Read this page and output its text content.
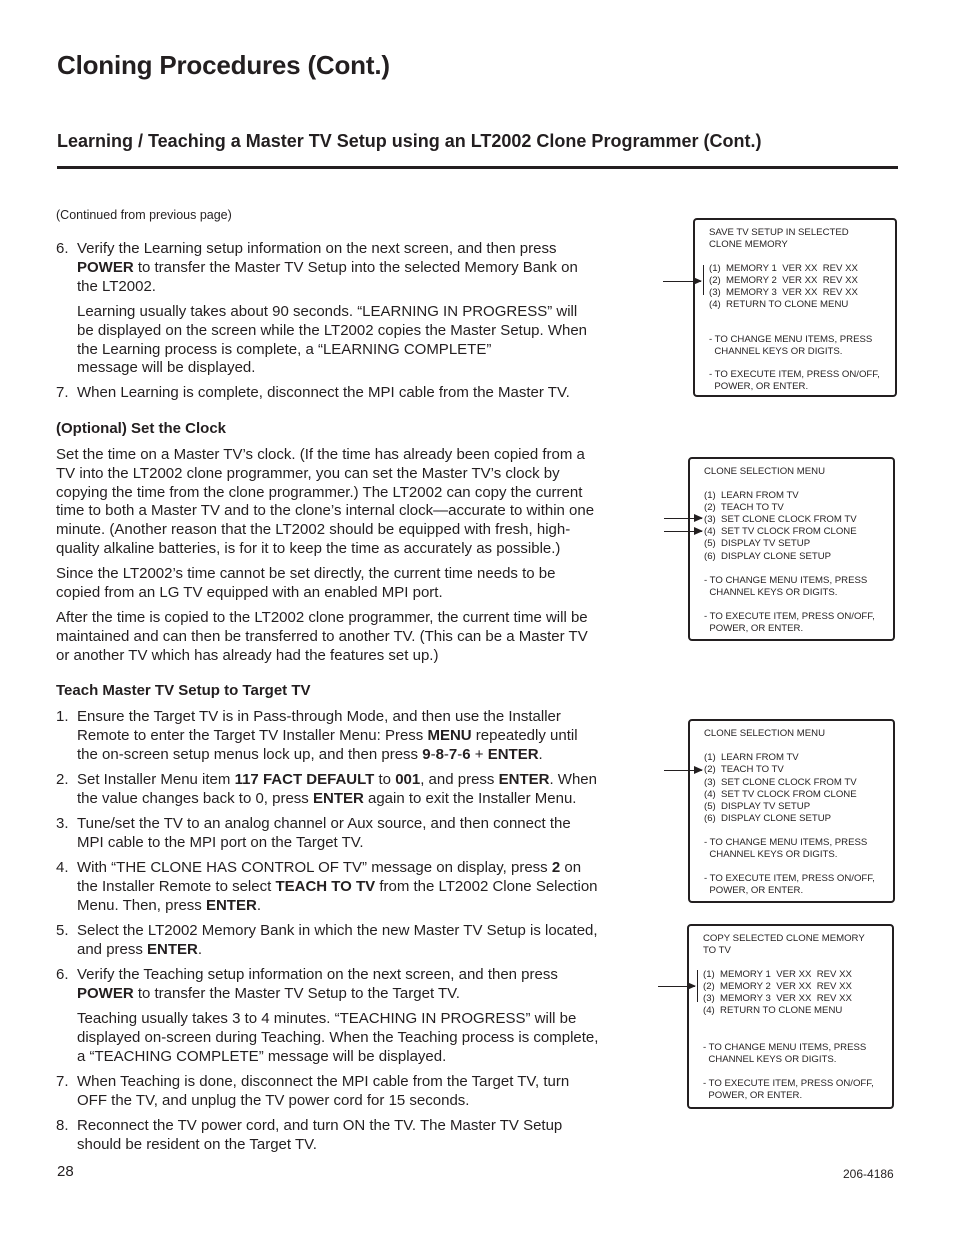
Cloning Procedures (Cont.)
Learning / Teaching a Master TV Setup using an LT2002 Clone Programmer (Cont.)
(Continued from previous page)
6. Verify the Learning setup information on the next screen, and then press
POWER to transfer the Master TV Setup into the selected Memory Bank on
the LT2002.
Learning usually takes about 90 seconds. “LEARNING IN PROGRESS” will
be displayed on the screen while the LT2002 copies the Master Setup. When
the Learning process is complete, a “LEARNING COMPLETE”
message will be displayed.
7. When Learning is complete, disconnect the MPI cable from the Master TV.
(Optional) Set the Clock
Set the time on a Master TV’s clock. (If the time has already been copied from a
TV into the LT2002 clone programmer, you can set the Master TV’s clock by
copying the time from the clone programmer.) The LT2002 can copy the current
time to both a Master TV and to the clone’s internal clock—accurate to within one
minute. (Another reason that the LT2002 should be equipped with fresh, high-
quality alkaline batteries, is for it to keep the time as accurately as possible.)
Since the LT2002’s time cannot be set directly, the current time needs to be
copied from an LG TV equipped with an enabled MPI port.
After the time is copied to the LT2002 clone programmer, the current time will be
maintained and can then be transferred to another TV. (This can be a Master TV
or another TV which has already had the features set up.)
Teach Master TV Setup to Target TV
1. Ensure the Target TV is in Pass-through Mode, and then use the Installer
Remote to enter the Target TV Installer Menu: Press MENU repeatedly until
the on-screen setup menus lock up, and then press 9-8-7-6 + ENTER.
2. Set Installer Menu item 117 FACT DEFAULT to 001, and press ENTER. When
the value changes back to 0, press ENTER again to exit the Installer Menu.
3. Tune/set the TV to an analog channel or Aux source, and then connect the
MPI cable to the MPI port on the Target TV.
4. With “THE CLONE HAS CONTROL OF TV” message on display, press 2 on
the Installer Remote to select TEACH TO TV from the LT2002 Clone Selection
Menu. Then, press ENTER.
5. Select the LT2002 Memory Bank in which the new Master TV Setup is located,
and press ENTER.
6. Verify the Teaching setup information on the next screen, and then press
POWER to transfer the Master TV Setup to the Target TV.
Teaching usually takes 3 to 4 minutes. “TEACHING IN PROGRESS” will be
displayed on-screen during Teaching. When the Teaching process is complete,
a “TEACHING COMPLETE” message will be displayed.
7. When Teaching is done, disconnect the MPI cable from the Target TV, turn
OFF the TV, and unplug the TV power cord for 15 seconds.
8. Reconnect the TV power cord, and turn ON the TV. The Master TV Setup
should be resident on the Target TV.
SAVE TV SETUP IN SELECTED
CLONE MEMORY
(1)  MEMORY 1  VER XX  REV XX
(2)  MEMORY 2  VER XX  REV XX
(3)  MEMORY 3  VER XX  REV XX
(4)  RETURN TO CLONE MENU
- TO CHANGE MENU ITEMS, PRESS
CHANNEL KEYS OR DIGITS.
- TO EXECUTE ITEM, PRESS ON/OFF,
POWER, OR ENTER.
CLONE SELECTION MENU
(1)  LEARN FROM TV
(2)  TEACH TO TV
(3)  SET CLONE CLOCK FROM TV
(4)  SET TV CLOCK FROM CLONE
(5)  DISPLAY TV SETUP
(6)  DISPLAY CLONE SETUP
- TO CHANGE MENU ITEMS, PRESS
CHANNEL KEYS OR DIGITS.
- TO EXECUTE ITEM, PRESS ON/OFF,
POWER, OR ENTER.
CLONE SELECTION MENU
(1)  LEARN FROM TV
(2)  TEACH TO TV
(3)  SET CLONE CLOCK FROM TV
(4)  SET TV CLOCK FROM CLONE
(5)  DISPLAY TV SETUP
(6)  DISPLAY CLONE SETUP
- TO CHANGE MENU ITEMS, PRESS
CHANNEL KEYS OR DIGITS.
- TO EXECUTE ITEM, PRESS ON/OFF,
POWER, OR ENTER.
COPY SELECTED CLONE MEMORY
TO TV
(1)  MEMORY 1  VER XX  REV XX
(2)  MEMORY 2  VER XX  REV XX
(3)  MEMORY 3  VER XX  REV XX
(4)  RETURN TO CLONE MENU
- TO CHANGE MENU ITEMS, PRESS
CHANNEL KEYS OR DIGITS.
- TO EXECUTE ITEM, PRESS ON/OFF,
POWER, OR ENTER.
28	206-4186
